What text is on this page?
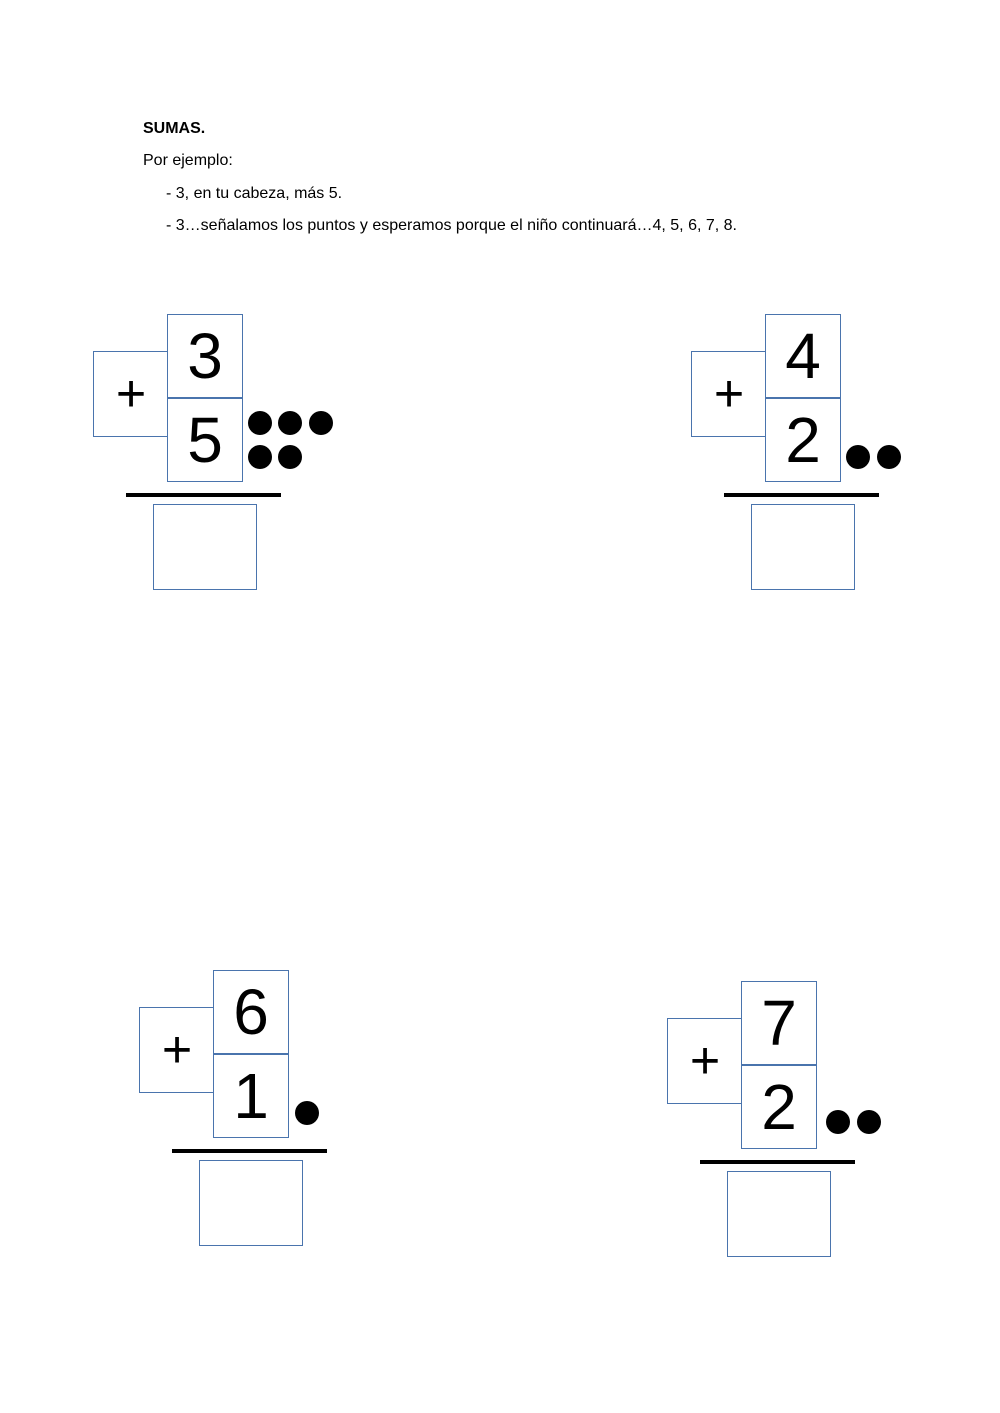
SUMAS.
Por ejemplo:
- 3, en tu cabeza, más 5.
- 3…señalamos los puntos y esperamos porque el niño continuará…4, 5, 6, 7, 8.
+
3
5
+
4
2
+
6
1	+
7
2
